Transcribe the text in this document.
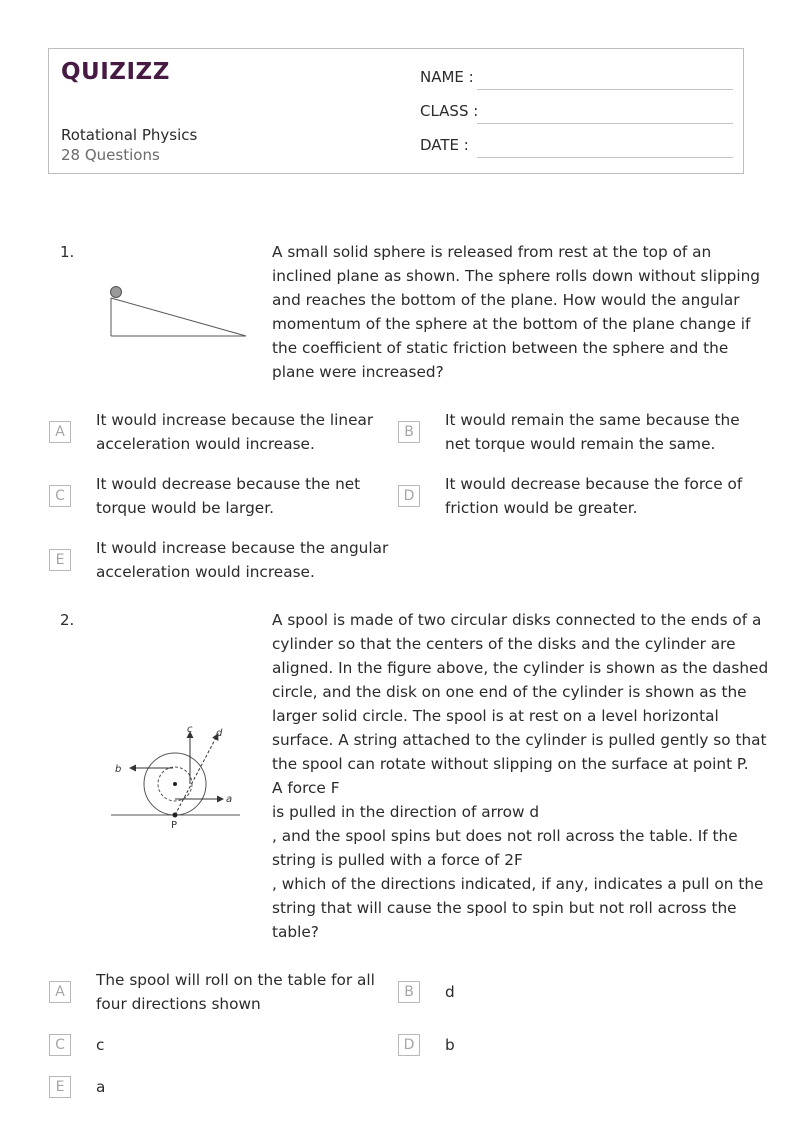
QUIZIZZ
Rotational Physics
28 Questions
NAME :
CLASS :
DATE :
1.	A small solid sphere is released from rest at the top of an
inclined plane as shown. The sphere rolls down without slipping
and reaches the bottom of the plane. How would the angular
momentum of the sphere at the bottom of the plane change if
the coefficient of static friction between the sphere and the
plane were increased?
A
It would increase because the linear
acceleration would increase.
B
It would remain the same because the
net torque would remain the same.
C
It would decrease because the net
torque would be larger.
D
It would decrease because the force of
friction would be greater.
E
It would increase because the angular
acceleration would increase.
2.
c d
b
a
P
A spool is made of two circular disks connected to the ends of a
cylinder so that the centers of the disks and the cylinder are
aligned. In the figure above, the cylinder is shown as the dashed
circle, and the disk on one end of the cylinder is shown as the
larger solid circle. The spool is at rest on a level horizontal
surface. A string attached to the cylinder is pulled gently so that
the spool can rotate without slipping on the surface at point P.
A force F
is pulled in the direction of arrow d
, and the spool spins but does not roll across the table. If the
string is pulled with a force of 2F
, which of the directions indicated, if any, indicates a pull on the
string that will cause the spool to spin but not roll across the
table?
A
The spool will roll on the table for all
four directions shown
B	d
C	c	D	b
E	a
